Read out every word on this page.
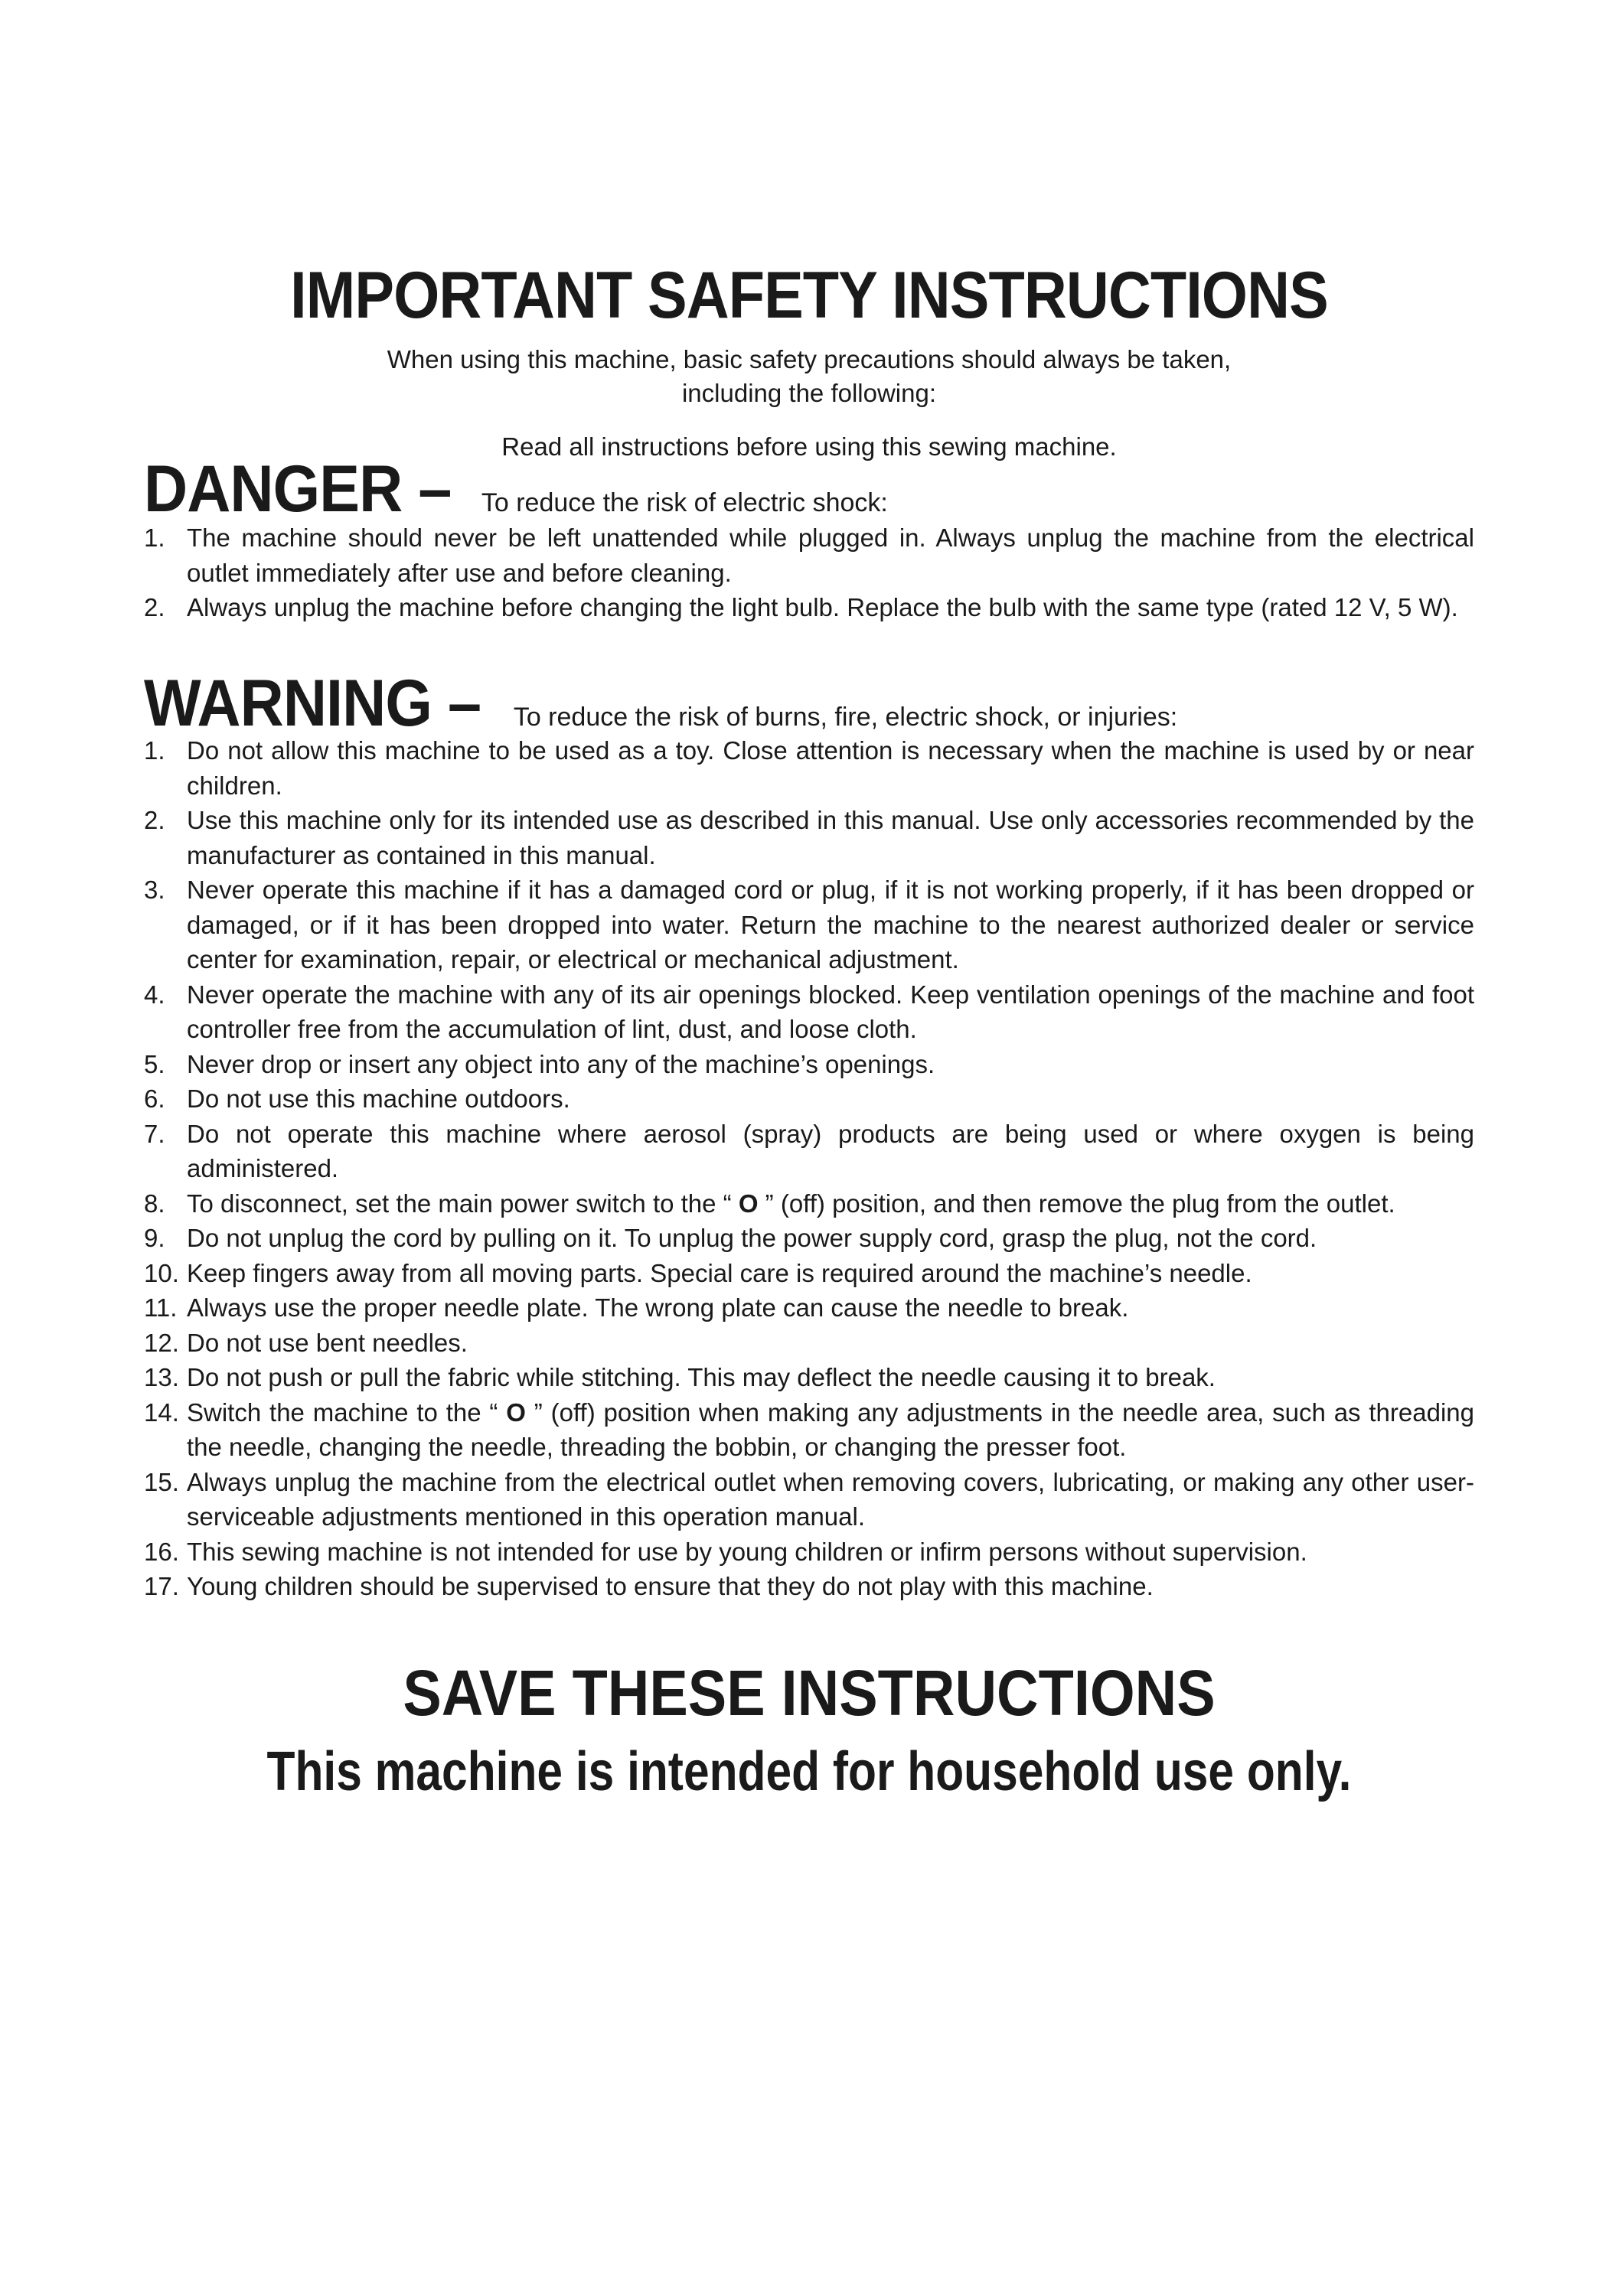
IMPORTANT SAFETY INSTRUCTIONS

When using this machine, basic safety precautions should always be taken,
including the following:

Read all instructions before using this sewing machine.

DANGER – To reduce the risk of electric shock:
1. The machine should never be left unattended while plugged in. Always unplug the machine from the electrical outlet immediately after use and before cleaning.
2. Always unplug the machine before changing the light bulb. Replace the bulb with the same type (rated 12 V, 5 W).
WARNING – To reduce the risk of burns, fire, electric shock, or injuries:
1. Do not allow this machine to be used as a toy. Close attention is necessary when the machine is used by or near children.
2. Use this machine only for its intended use as described in this manual. Use only accessories recommended by the manufacturer as contained in this manual.
3. Never operate this machine if it has a damaged cord or plug, if it is not working properly, if it has been dropped or damaged, or if it has been dropped into water. Return the machine to the nearest authorized dealer or service center for examination, repair, or electrical or mechanical adjustment.
4. Never operate the machine with any of its air openings blocked. Keep ventilation openings of the machine and foot controller free from the accumulation of lint, dust, and loose cloth.
5. Never drop or insert any object into any of the machine’s openings.
6. Do not use this machine outdoors.
7. Do not operate this machine where aerosol (spray) products are being used or where oxygen is being administered.
8. To disconnect, set the main power switch to the “ O ” (off) position, and then remove the plug from the outlet.
9. Do not unplug the cord by pulling on it. To unplug the power supply cord, grasp the plug, not the cord.
10. Keep fingers away from all moving parts. Special care is required around the machine’s needle.
11. Always use the proper needle plate. The wrong plate can cause the needle to break.
12. Do not use bent needles.
13. Do not push or pull the fabric while stitching. This may deflect the needle causing it to break.
14. Switch the machine to the “ O ” (off) position when making any adjustments in the needle area, such as threading the needle, changing the needle, threading the bobbin, or changing the presser foot.
15. Always unplug the machine from the electrical outlet when removing covers, lubricating, or making any other user-serviceable adjustments mentioned in this operation manual.
16. This sewing machine is not intended for use by young children or infirm persons without supervision.
17. Young children should be supervised to ensure that they do not play with this machine.
SAVE THESE INSTRUCTIONS
This machine is intended for household use only.
